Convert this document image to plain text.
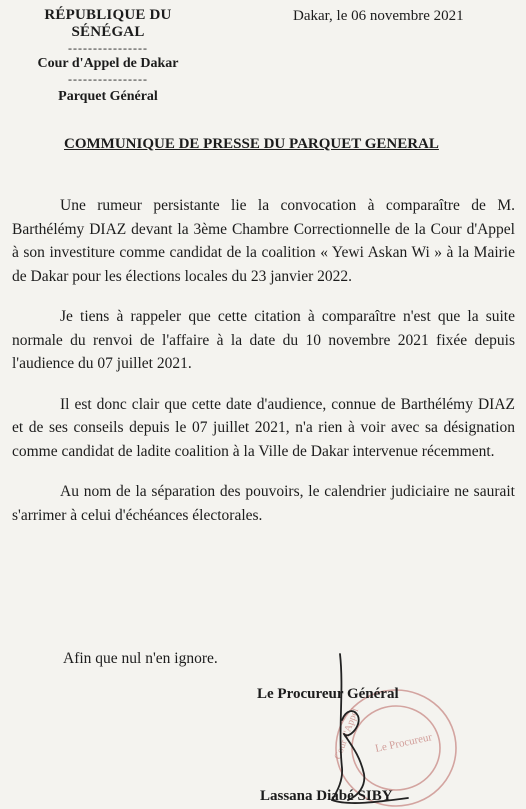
RÉPUBLIQUE DU SÉNÉGAL
----------------
Cour d'Appel de Dakar
----------------
Parquet Général
Dakar, le 06 novembre 2021
COMMUNIQUE DE PRESSE DU PARQUET GENERAL

Une rumeur persistante lie la convocation à comparaître de M. Barthélémy DIAZ devant la 3ème Chambre Correctionnelle de la Cour d'Appel à son investiture comme candidat de la coalition « Yewi Askan Wi » à la Mairie de Dakar pour les élections locales du 23 janvier 2022.

Je tiens à rappeler que cette citation à comparaître n'est que la suite normale du renvoi de l'affaire à la date du 10 novembre 2021 fixée depuis l'audience du 07 juillet 2021.

Il est donc clair que cette date d'audience, connue de Barthélémy DIAZ et de ses conseils depuis le 07 juillet 2021, n'a rien à voir avec sa désignation comme candidat de ladite coalition à la Ville de Dakar intervenue récemment.

Au nom de la séparation des pouvoirs, le calendrier judiciaire ne saurait s'arrimer à celui d'échéances électorales.

Afin que nul n'en ignore.
Cour d'Appel Le Procureur
Le Procureur Général
Lassana Diabé SIBY
